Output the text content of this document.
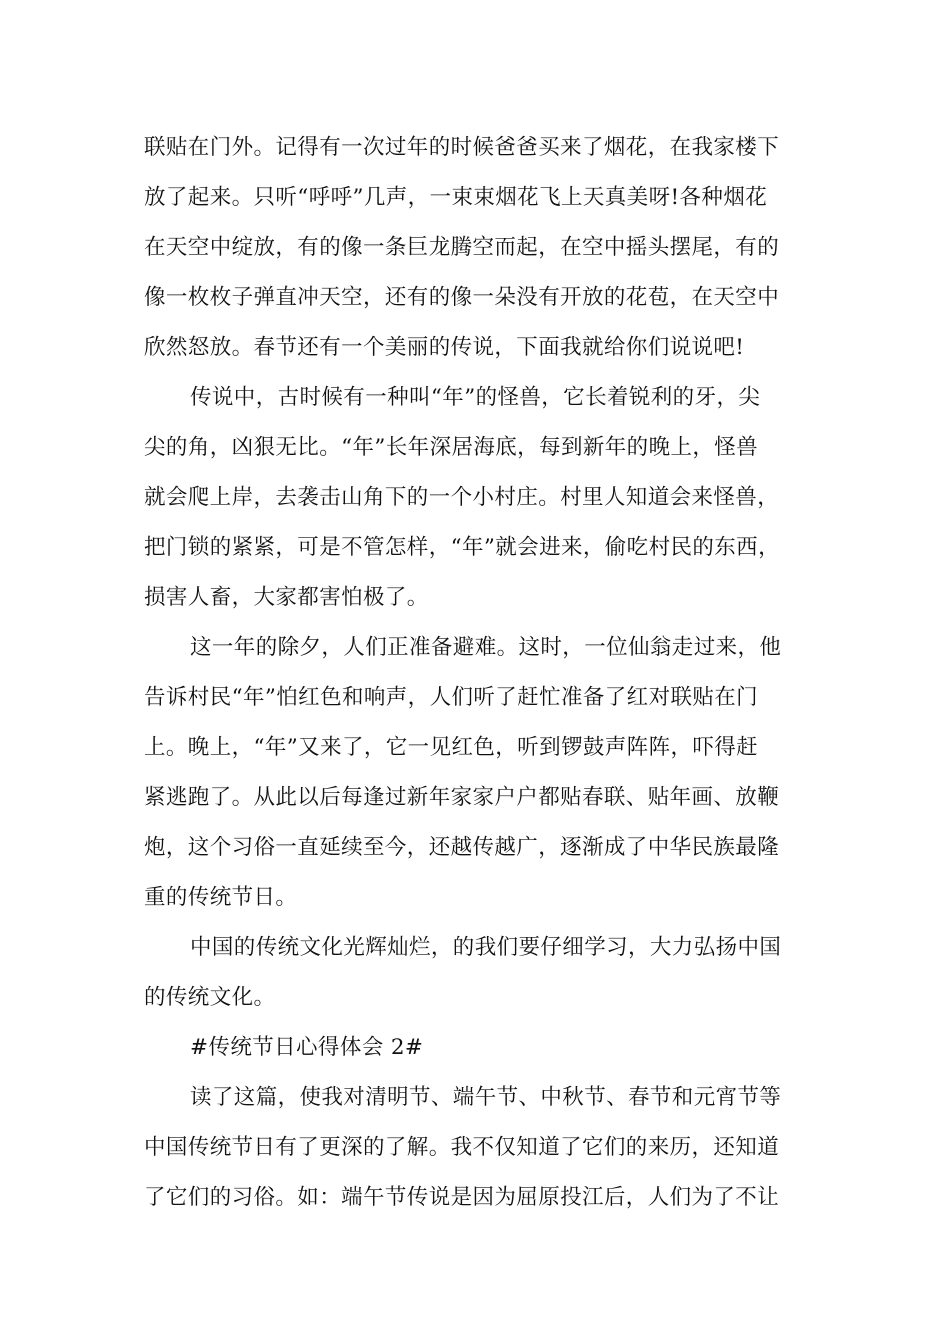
联贴在门外。记得有一次过年的时候爸爸买来了烟花，在我家楼下
放了起来。只听“呼呼”几声，一束束烟花飞上天真美呀!各种烟花
在天空中绽放，有的像一条巨龙腾空而起，在空中摇头摆尾，有的
像一枚枚子弹直冲天空，还有的像一朵没有开放的花苞，在天空中
欣然怒放。春节还有一个美丽的传说，下面我就给你们说说吧!
传说中，古时候有一种叫“年”的怪兽，它长着锐利的牙，尖
尖的角，凶狠无比。“年”长年深居海底，每到新年的晚上，怪兽
就会爬上岸，去袭击山角下的一个小村庄。村里人知道会来怪兽，
把门锁的紧紧，可是不管怎样，“年”就会进来，偷吃村民的东西，
损害人畜，大家都害怕极了。
这一年的除夕，人们正准备避难。这时，一位仙翁走过来，他
告诉村民“年”怕红色和响声，人们听了赶忙准备了红对联贴在门
上。晚上，“年”又来了，它一见红色，听到锣鼓声阵阵，吓得赶
紧逃跑了。从此以后每逢过新年家家户户都贴春联、贴年画、放鞭
炮，这个习俗一直延续至今，还越传越广，逐渐成了中华民族最隆
重的传统节日。
中国的传统文化光辉灿烂，的我们要仔细学习，大力弘扬中国
的传统文化。
#传统节日心得体会 2#
读了这篇，使我对清明节、端午节、中秋节、春节和元宵节等
中国传统节日有了更深的了解。我不仅知道了它们的来历，还知道
了它们的习俗。如：端午节传说是因为屈原投江后，人们为了不让
